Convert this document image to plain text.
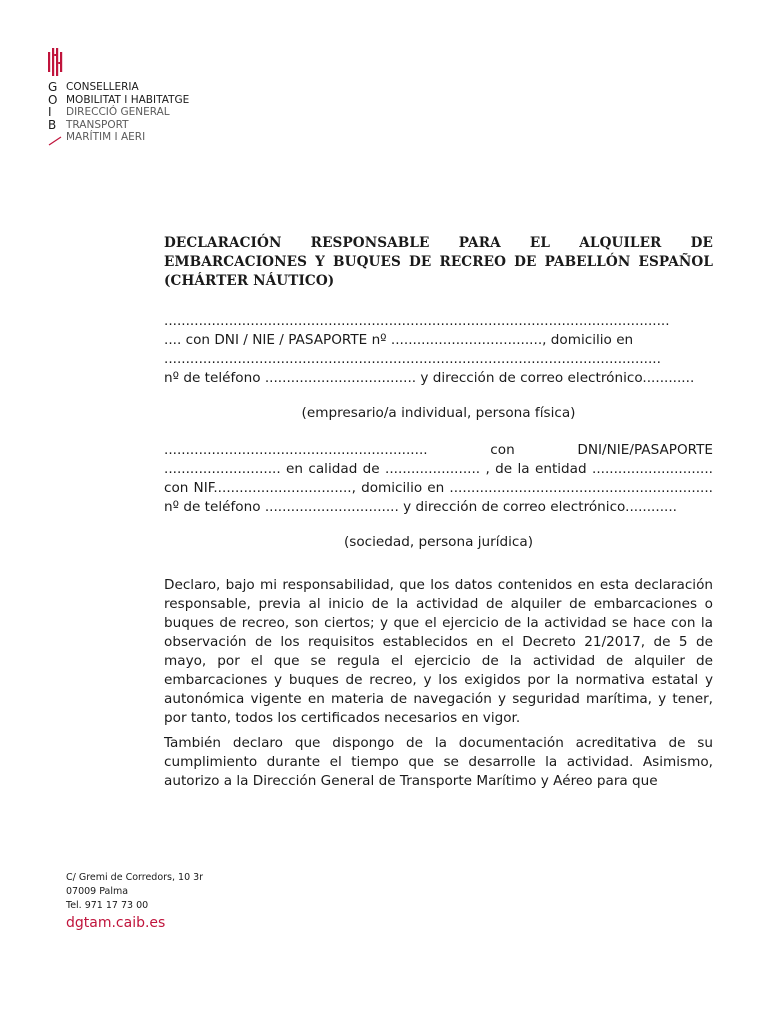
G
O
I
B
CONSELLERIA
MOBILITAT I HABITATGE
DIRECCIÓ GENERAL
TRANSPORT
MARÍTIM I AERI

DECLARACIÓN RESPONSABLE PARA EL ALQUILER DE EMBARCACIONES Y BUQUES DE RECREO DE PABELLÓN ESPAÑOL (CHÁRTER NÁUTICO)

.....................................................................................................................

.... con DNI / NIE / PASAPORTE nº ..................................., domicilio en

...................................................................................................................

nº de teléfono ................................... y dirección de correo electrónico............

(empresario/a individual, persona física)

............................................................. con DNI/NIE/PASAPORTE ........................... en calidad de ...................... , de la entidad ............................ con NIF................................, domicilio en ............................................................. nº de teléfono ............................... y dirección de correo electrónico............

(sociedad, persona jurídica)

Declaro, bajo mi responsabilidad, que los datos contenidos en esta declaración responsable, previa al inicio de la actividad de alquiler de embarcaciones o buques de recreo, son ciertos; y que el ejercicio de la actividad se hace con la observación de los requisitos establecidos en el Decreto 21/2017, de 5 de mayo, por el que se regula el ejercicio de la actividad de alquiler de embarcaciones y buques de recreo, y los exigidos por la normativa estatal y autonómica vigente en materia de navegación y seguridad marítima, y tener, por tanto, todos los certificados necesarios en vigor.

También declaro que dispongo de la documentación acreditativa de su cumplimiento durante el tiempo que se desarrolle la actividad. Asimismo, autorizo a la Dirección General de Transporte Marítimo y Aéreo para que

C/ Gremi de Corredors, 10 3r
07009 Palma
Tel. 971 17 73 00
dgtam.caib.es
